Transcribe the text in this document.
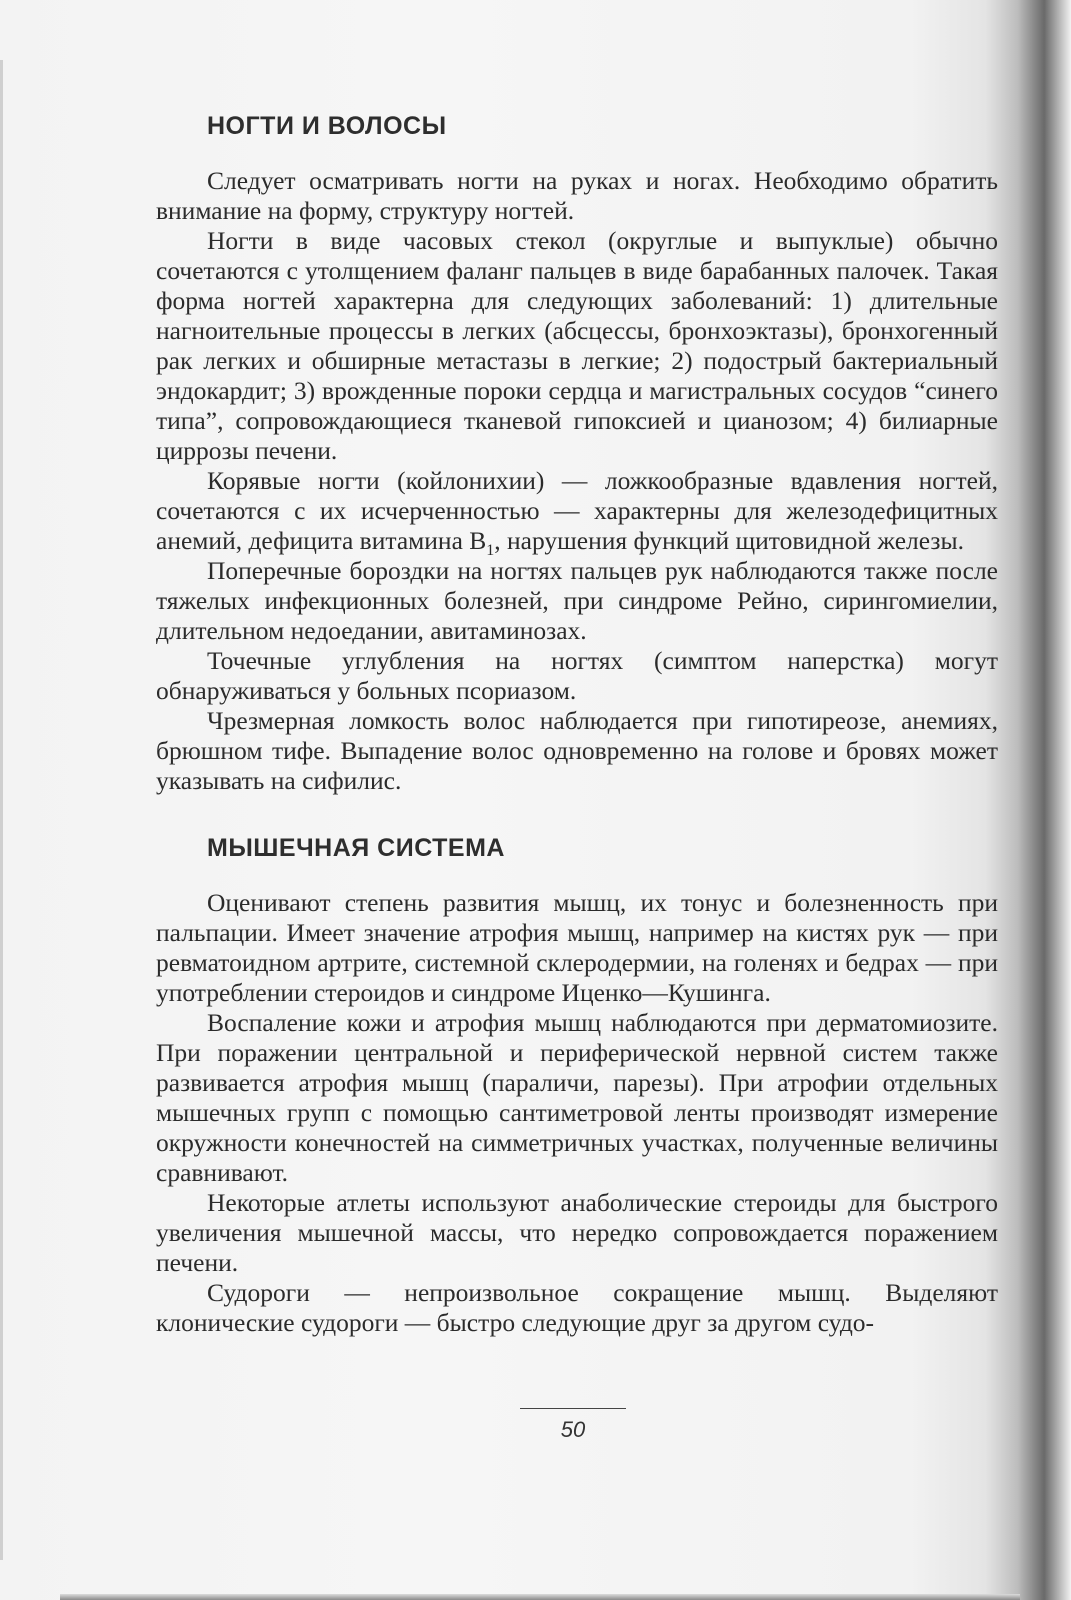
НОГТИ И ВОЛОСЫ

Следует осматривать ногти на руках и ногах. Необходимо обратить внимание на форму, структуру ногтей.

Ногти в виде часовых стекол (округлые и выпуклые) обычно сочетаются с утолщением фаланг пальцев в виде барабанных палочек. Такая форма ногтей характерна для следующих заболеваний: 1) длительные нагноительные процессы в легких (абсцессы, бронхоэктазы), бронхогенный рак легких и обширные метастазы в легкие; 2) подострый бактериальный эндокардит; 3) врожденные пороки сердца и магистральных сосудов “синего типа”, сопровождающиеся тканевой гипоксией и цианозом; 4) билиарные циррозы печени.

Корявые ногти (койлонихии) — ложкообразные вдавления ногтей, сочетаются с их исчерченностью — характерны для железодефицитных анемий, дефицита витамина $B_1$, нарушения функций щитовидной железы.

Поперечные бороздки на ногтях пальцев рук наблюдаются также после тяжелых инфекционных болезней, при синдроме Рейно, сирингомиелии, длительном недоедании, авитаминозах.

Точечные углубления на ногтях (симптом наперстка) могут обнаруживаться у больных псориазом.

Чрезмерная ломкость волос наблюдается при гипотиреозе, анемиях, брюшном тифе. Выпадение волос одновременно на голове и бровях может указывать на сифилис.

МЫШЕЧНАЯ СИСТЕМА

Оценивают степень развития мышц, их тонус и болезненность при пальпации. Имеет значение атрофия мышц, например на кистях рук — при ревматоидном артрите, системной склеродермии, на голенях и бедрах — при употреблении стероидов и синдроме Иценко—Кушинга.

Воспаление кожи и атрофия мышц наблюдаются при дерматомиозите. При поражении центральной и периферической нервной систем также развивается атрофия мышц (параличи, парезы). При атрофии отдельных мышечных групп с помощью сантиметровой ленты производят измерение окружности конечностей на симметричных участках, полученные величины сравнивают.

Некоторые атлеты используют анаболические стероиды для быстрого увеличения мышечной массы, что нередко сопровождается поражением печени.

Судороги — непроизвольное сокращение мышц. Выделяют клонические судороги — быстро следующие друг за другом судо-

50
